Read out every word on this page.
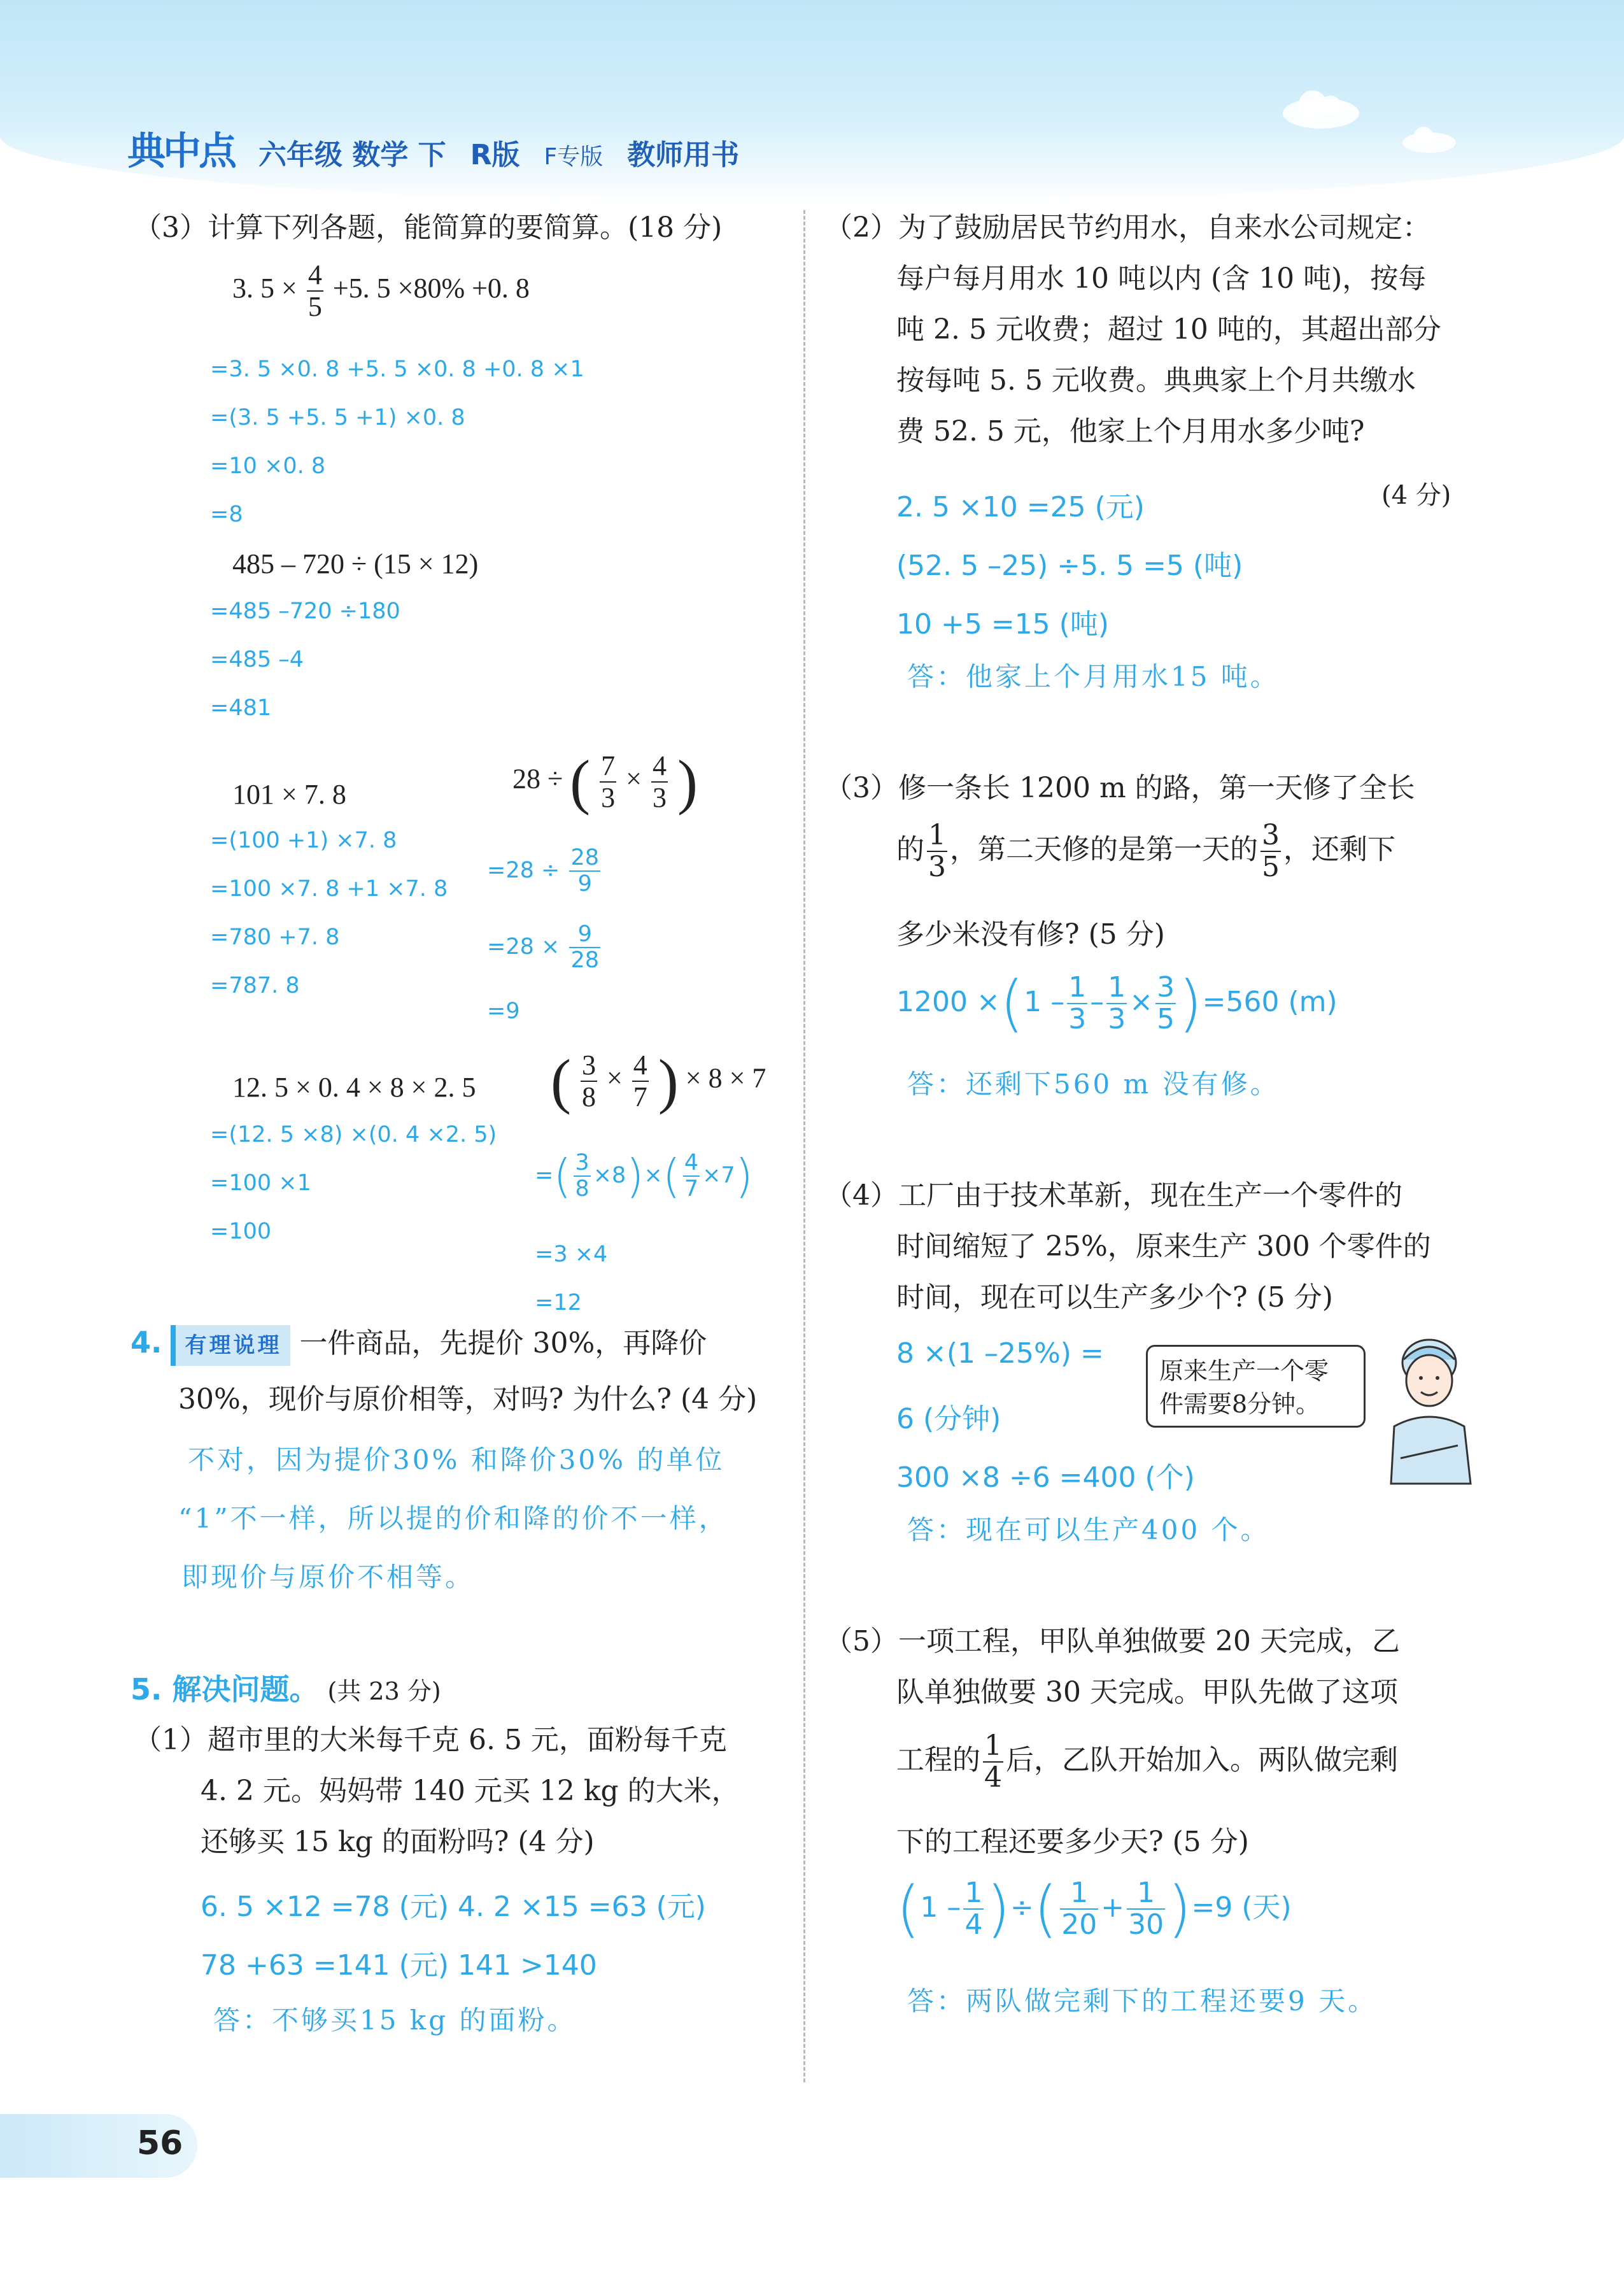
典中点 六年级 数学 下 R版 F专版 教师用书
（3）计算下列各题，能简算的要简算。(18 分)
3. $5 \times \frac{4}{5} +5$. 5 ×80% +0. 8
=3. 5 ×0. 8 +5. 5 ×0. 8 +0. 8 ×1
=(3. 5 +5. 5 +1) ×0. 8
=10 ×0. 8
=8
485 – 720 ÷ (15 × 12)
=485 –720 ÷180
=485 –4
=481
101 × 7. 8
=(100 +1) ×7. 8
=100 ×7. 8 +1 ×7. 8
=780 +7. 8
=787. 8
28 ÷ ( $\frac{7}{3} \times \frac{4}{3}$ )
$=28 \div \frac{28}{9}$
$=28 \times \frac{9}{28}$
=9
12. 5 × 0. 4 × 8 × 2. 5
=(12. 5 ×8) ×(0. 4 ×2. 5)
=100 ×1
=100
( $\frac{3}{8} \times \frac{4}{7}$ ) × 8 × 7
=( $\frac{3}{8} \times 8)\times( \frac{4}{7} \times 7)$
=3 ×4
=12
4. 有理说理 一件商品，先提价 30%，再降价
30%，现价与原价相等，对吗? 为什么? (4 分)
不对，因为提价30% 和降价30% 的单位
“1”不一样，所以提的价和降的价不一样，
即现价与原价不相等。
5. 解决问题。 (共 23 分)
（1）超市里的大米每千克 6. 5 元，面粉每千克
4. 2 元。妈妈带 140 元买 12 kg 的大米，
还够买 15 kg 的面粉吗? (4 分)
6. 5 ×12 =78 (元) 4. 2 ×15 =63 (元)
78 +63 =141 (元) 141 >140
答：不够买15 kg 的面粉。
（2）为了鼓励居民节约用水，自来水公司规定：
每户每月用水 10 吨以内 (含 10 吨)，按每
吨 2. 5 元收费；超过 10 吨的，其超出部分
按每吨 5. 5 元收费。典典家上个月共缴水
费 52. 5 元，他家上个月用水多少吨?
(4 分)
2. 5 ×10 =25 (元)
(52. 5 –25) ÷5. 5 =5 (吨)
10 +5 =15 (吨)
答：他家上个月用水15 吨。
（3）修一条长 1200 m 的路，第一天修了全长
的 $\frac{1}{3}$ ，第二天修的是第一天的 $\frac{3}{5}$ ，还剩下
多少米没有修? (5 分)
$1200 \times(1 - \frac{1}{3} - \frac{1}{3} \times \frac{3}{5} )=560$ (m)
答：还剩下560 m 没有修。
（4）工厂由于技术革新，现在生产一个零件的
时间缩短了 25%，原来生产 300 个零件的
时间，现在可以生产多少个? (5 分)
8 ×(1 –25%) =
6 (分钟)
300 ×8 ÷6 =400 (个)
答：现在可以生产400 个。
（5）一项工程，甲队单独做要 20 天完成，乙
队单独做要 30 天完成。甲队先做了这项
工程的 $\frac{1}{4}$ 后，乙队开始加入。两队做完剩
下的工程还要多少天? (5 分)
($1 - \frac{1}{4}$ )÷( $\frac{1}{20} + \frac{1}{30} )=9$ (天)
答：两队做完剩下的工程还要9 天。
原来生产一个零
件需要8分钟。
56
